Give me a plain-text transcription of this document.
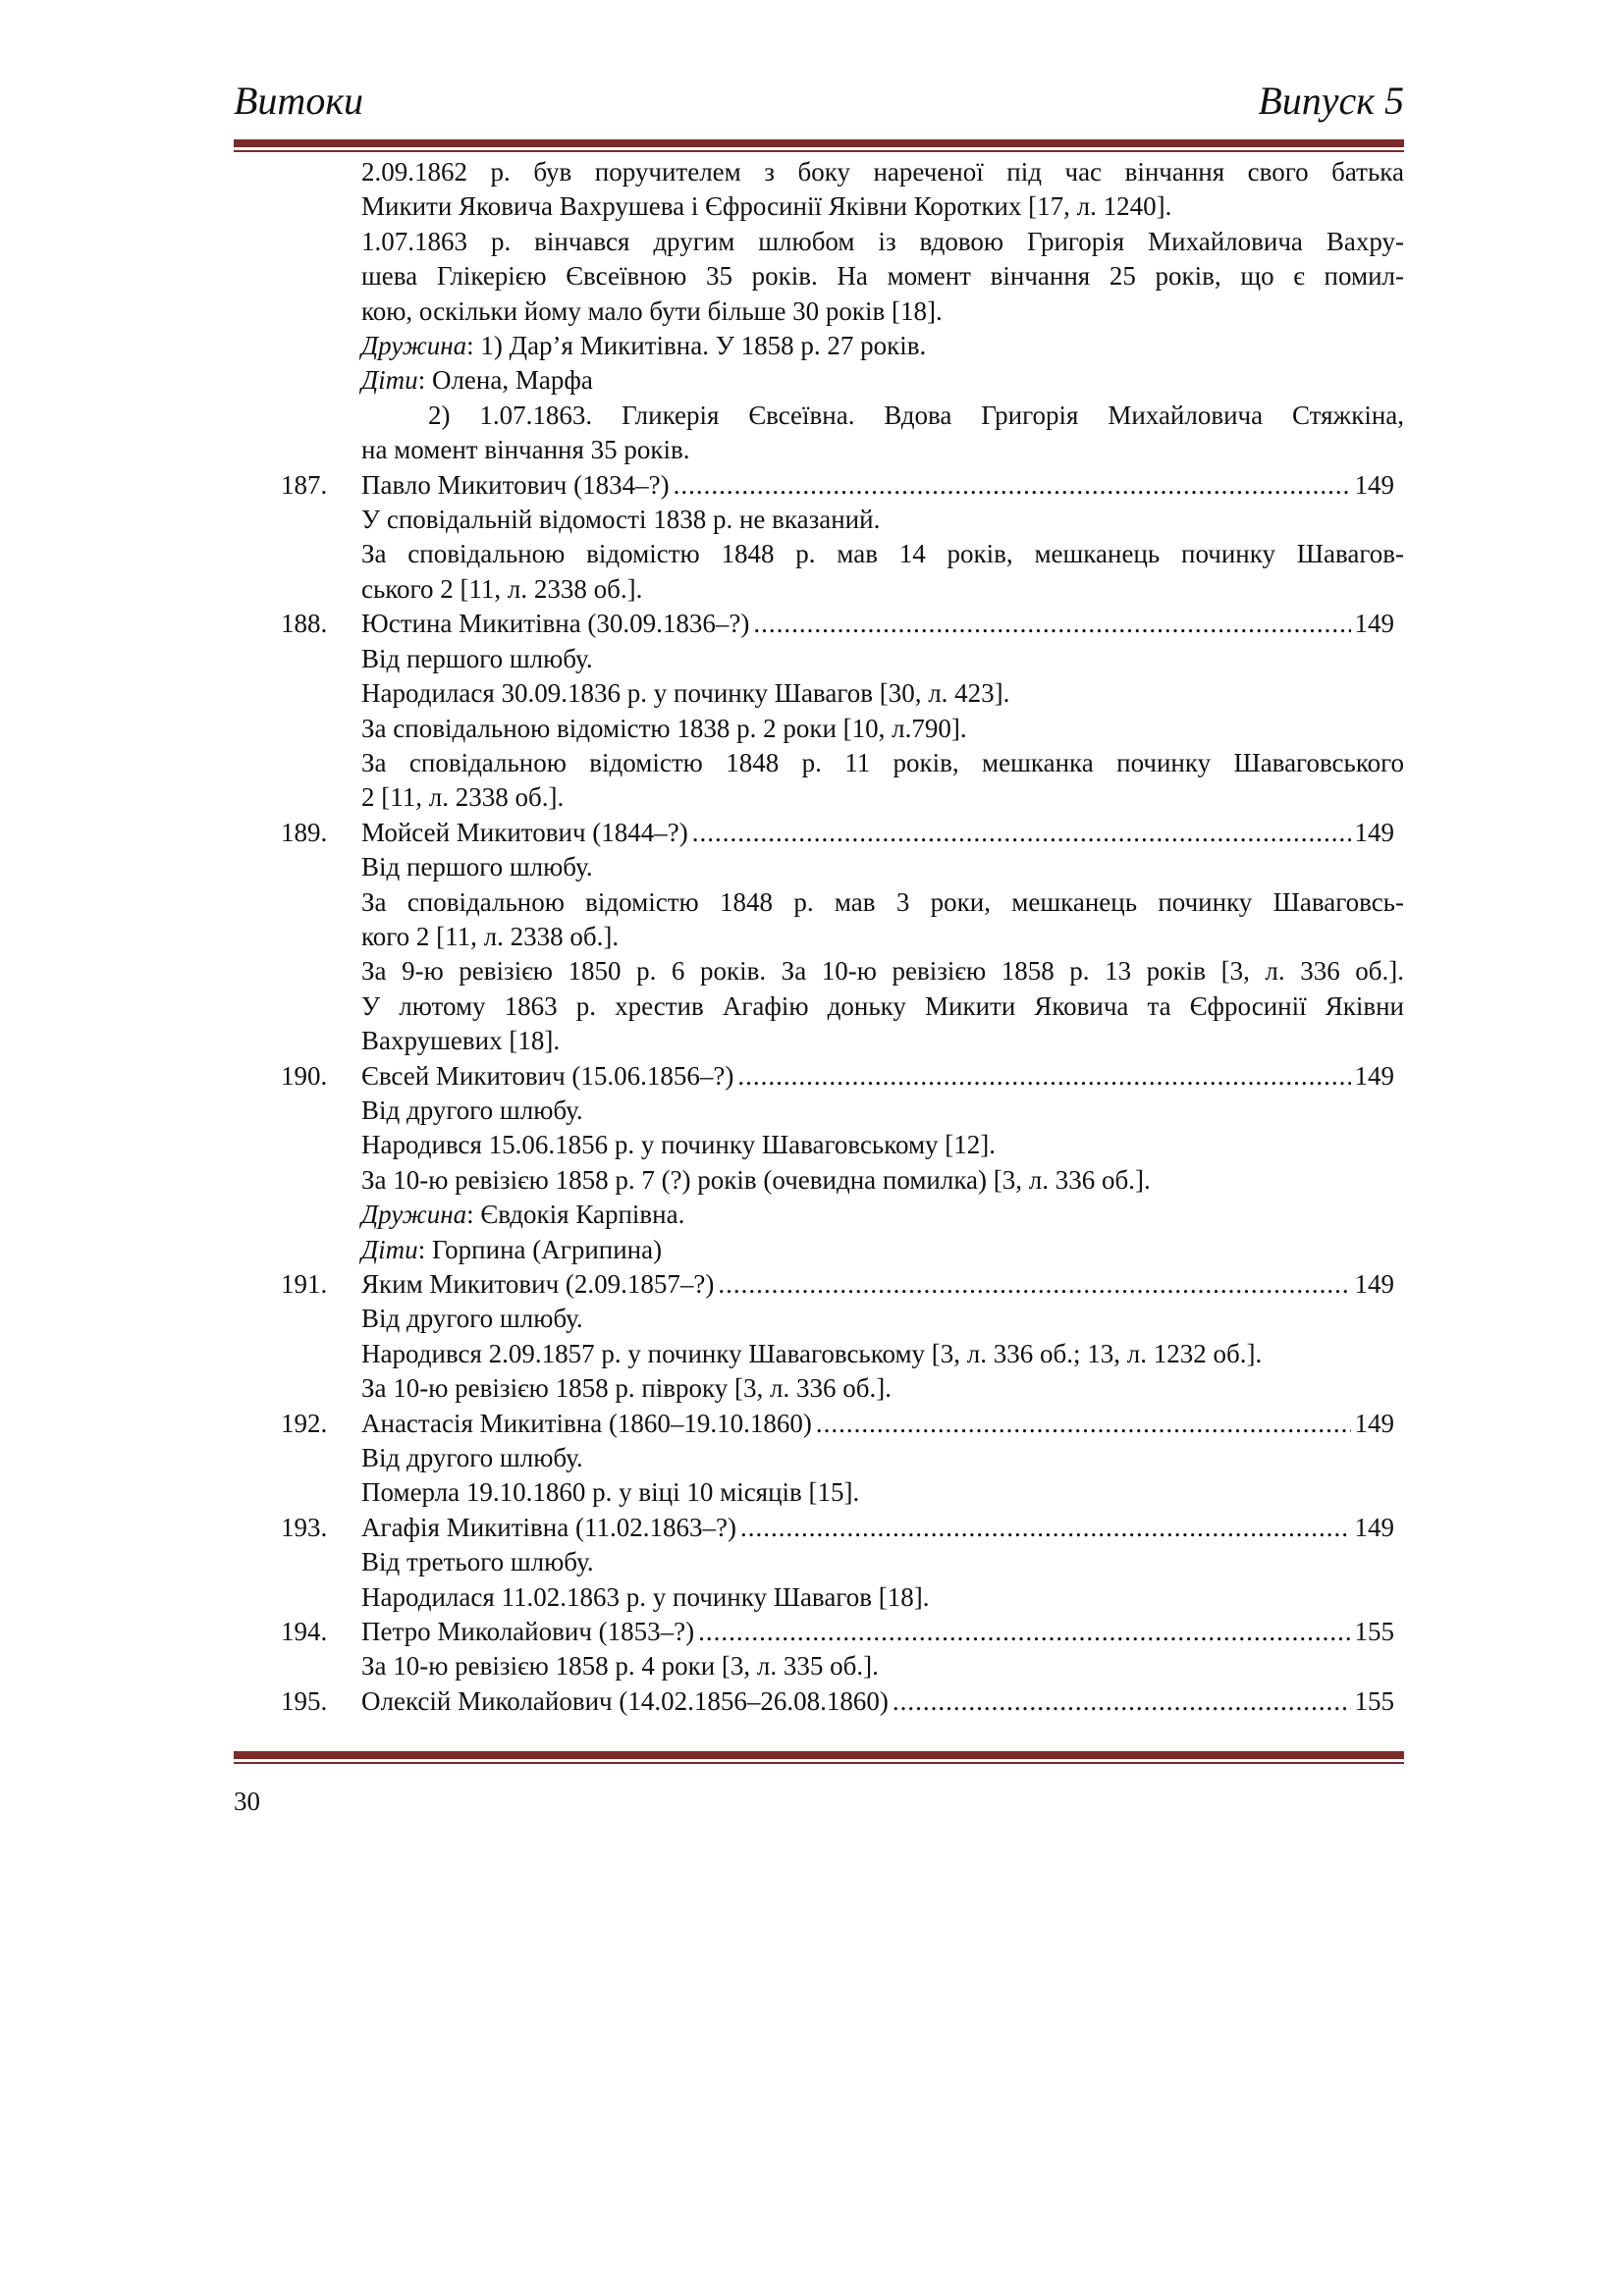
Витоки	Випуск 5
2.09.1862 р. був поручителем з боку нареченої під час вінчання свого батька
Микити Яковича Вахрушева і Єфросинії Яківни Коротких [17, л. 1240].
1.07.1863 р. вінчався другим шлюбом із вдовою Григорія Михайловича Вахру-
шева Глікерією Євсеївною 35 років. На момент вінчання 25 років, що є помил-
кою, оскільки йому мало бути більше 30 років [18].
Дружина: 1) Дар’я Микитівна. У 1858 р. 27 років.
Діти: Олена, Марфа
2) 1.07.1863. Гликерія Євсеївна. Вдова Григорія Михайловича Стяжкіна,
на момент вінчання 35 років.
187. Павло Микитович (1834–?) .....	149
У сповідальній відомості 1838 р. не вказаний.
За сповідальною відомістю 1848 р. мав 14 років, мешканець починку Шавагов-
ського 2 [11, л. 2338 об.].
188. Юстина Микитівна (30.09.1836–?) .....	149
Від першого шлюбу.
Народилася 30.09.1836 р. у починку Шавагов [30, л. 423].
За сповідальною відомістю 1838 р. 2 роки [10, л.790].
За сповідальною відомістю 1848 р. 11 років, мешканка починку Шаваговського
2 [11, л. 2338 об.].
189. Мойсей Микитович (1844–?) .....	149
Від першого шлюбу.
За сповідальною відомістю 1848 р. мав 3 роки, мешканець починку Шаваговсь-
кого 2 [11, л. 2338 об.].
За 9-ю ревізією 1850 р. 6 років. За 10-ю ревізією 1858 р. 13 років [3, л. 336 об.].
У лютому 1863 р. хрестив Агафію доньку Микити Яковича та Єфросинії Яківни
Вахрушевих [18].
190. Євсей Микитович (15.06.1856–?) .....	149
Від другого шлюбу.
Народився 15.06.1856 р. у починку Шаваговському [12].
За 10-ю ревізією 1858 р. 7 (?) років (очевидна помилка) [3, л. 336 об.].
Дружина: Євдокія Карпівна.
Діти: Горпина (Агрипина)
191. Яким Микитович (2.09.1857–?) .....	149
Від другого шлюбу.
Народився 2.09.1857 р. у починку Шаваговському [3, л. 336 об.; 13, л. 1232 об.].
За 10-ю ревізією 1858 р. півроку [3, л. 336 об.].
192. Анастасія Микитівна (1860–19.10.1860) .....	149
Від другого шлюбу.
Померла 19.10.1860 р. у віці 10 місяців [15].
193. Агафія Микитівна (11.02.1863–?) .....	149
Від третього шлюбу.
Народилася 11.02.1863 р. у починку Шавагов [18].
194. Петро Миколайович (1853–?) .....	155
За 10-ю ревізією 1858 р. 4 роки [3, л. 335 об.].
195. Олексій Миколайович (14.02.1856–26.08.1860) .....	155
30
